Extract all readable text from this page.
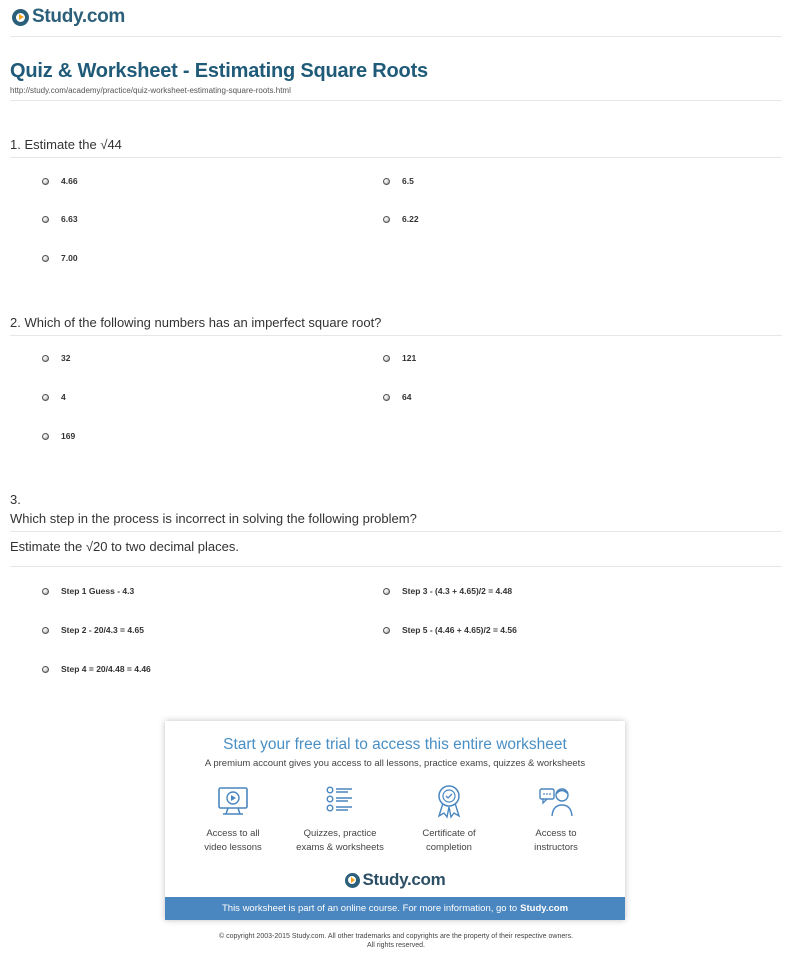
Study.com
Quiz & Worksheet - Estimating Square Roots
http://study.com/academy/practice/quiz-worksheet-estimating-square-roots.html
1. Estimate the √44
4.66	6.5
6.63	6.22
7.00
2. Which of the following numbers has an imperfect square root?
32	121
4	64
169
3.
Which step in the process is incorrect in solving the following problem?
Estimate the √20 to two decimal places.
Step 1 Guess - 4.3	Step 3 - (4.3 + 4.65)/2 = 4.48
Step 2 - 20/4.3 = 4.65	Step 5 - (4.46 + 4.65)/2 = 4.56
Step 4 = 20/4.48 = 4.46
Start your free trial to access this entire worksheet
A premium account gives you access to all lessons, practice exams, quizzes & worksheets
Access to all
video lessons
Quizzes, practice
exams & worksheets
Certificate of
completion
Access to
instructors
Study.com
This worksheet is part of an online course. For more information, go to Study.com
© copyright 2003-2015 Study.com. All other trademarks and copyrights are the property of their respective owners.
All rights reserved.
